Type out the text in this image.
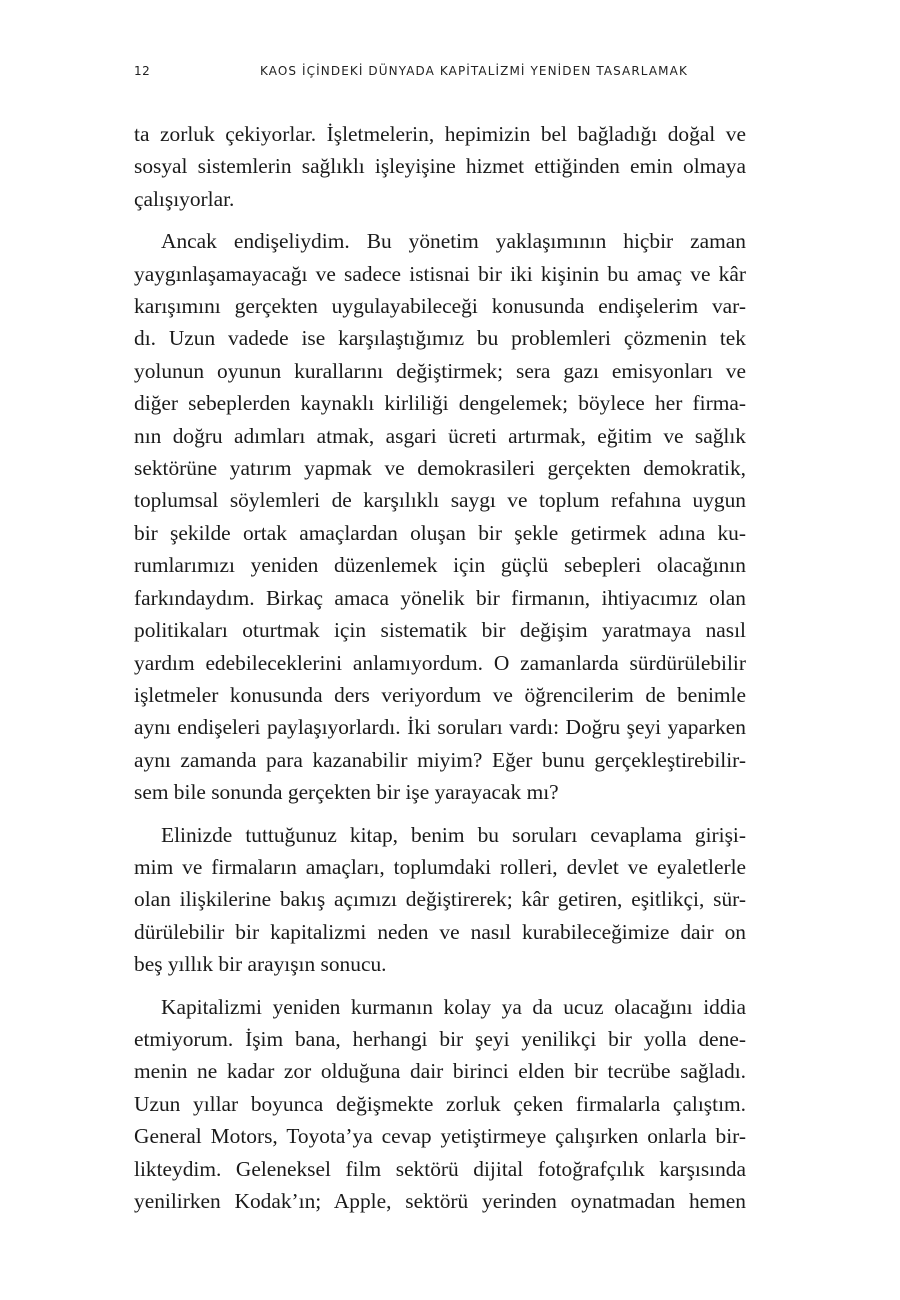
12	KAOS İÇİNDEKİ DÜNYADA KAPİTALİZMİ YENİDEN TASARLAMAK

ta zorluk çekiyorlar. İşletmelerin, hepimizin bel bağladığı doğal ve
sosyal sistemlerin sağlıklı işleyişine hizmet ettiğinden emin olmaya
çalışıyorlar.

Ancak endişeliydim. Bu yönetim yaklaşımının hiçbir zaman
yaygınlaşamayacağı ve sadece istisnai bir iki kişinin bu amaç ve kâr
karışımını gerçekten uygulayabileceği konusunda endişelerim var-
dı. Uzun vadede ise karşılaştığımız bu problemleri çözmenin tek
yolunun oyunun kurallarını değiştirmek; sera gazı emisyonları ve
diğer sebeplerden kaynaklı kirliliği dengelemek; böylece her firma-
nın doğru adımları atmak, asgari ücreti artırmak, eğitim ve sağlık
sektörüne yatırım yapmak ve demokrasileri gerçekten demokratik,
toplumsal söylemleri de karşılıklı saygı ve toplum refahına uygun
bir şekilde ortak amaçlardan oluşan bir şekle getirmek adına ku-
rumlarımızı yeniden düzenlemek için güçlü sebepleri olacağının
farkındaydım. Birkaç amaca yönelik bir firmanın, ihtiyacımız olan
politikaları oturtmak için sistematik bir değişim yaratmaya nasıl
yardım edebileceklerini anlamıyordum. O zamanlarda sürdürülebilir
işletmeler konusunda ders veriyordum ve öğrencilerim de benimle
aynı endişeleri paylaşıyorlardı. İki soruları vardı: Doğru şeyi yaparken
aynı zamanda para kazanabilir miyim? Eğer bunu gerçekleştirebilir-
sem bile sonunda gerçekten bir işe yarayacak mı?

Elinizde tuttuğunuz kitap, benim bu soruları cevaplama girişi-
mim ve firmaların amaçları, toplumdaki rolleri, devlet ve eyaletlerle
olan ilişkilerine bakış açımızı değiştirerek; kâr getiren, eşitlikçi, sür-
dürülebilir bir kapitalizmi neden ve nasıl kurabileceğimize dair on
beş yıllık bir arayışın sonucu.

Kapitalizmi yeniden kurmanın kolay ya da ucuz olacağını iddia
etmiyorum. İşim bana, herhangi bir şeyi yenilikçi bir yolla dene-
menin ne kadar zor olduğuna dair birinci elden bir tecrübe sağladı.
Uzun yıllar boyunca değişmekte zorluk çeken firmalarla çalıştım.
General Motors, Toyota’ya cevap yetiştirmeye çalışırken onlarla bir-
likteydim. Geleneksel film sektörü dijital fotoğrafçılık karşısında
yenilirken Kodak’ın; Apple, sektörü yerinden oynatmadan hemen
